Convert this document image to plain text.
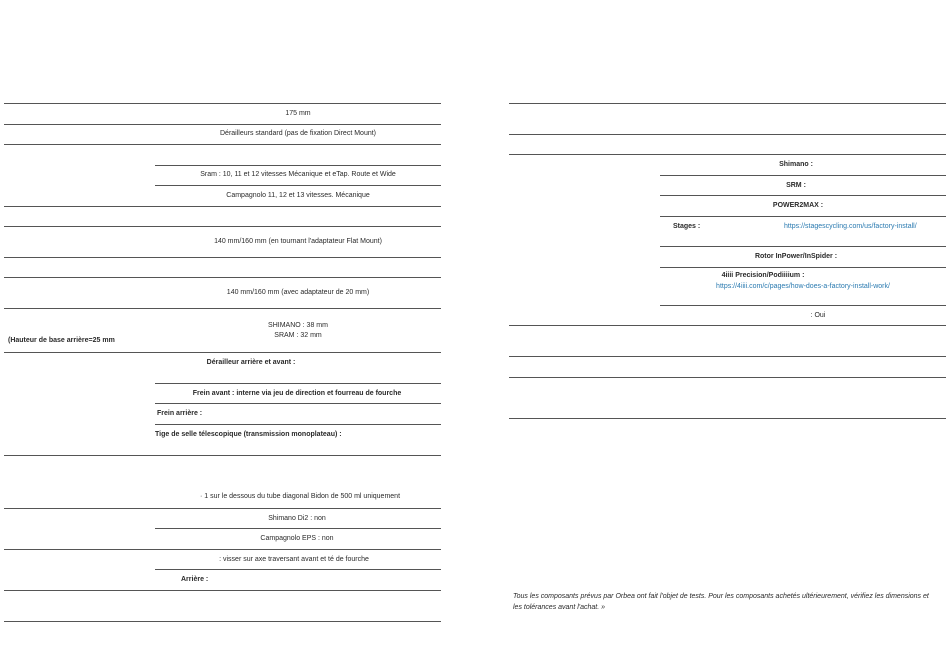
175 mm
Dérailleurs standard (pas de fixation Direct Mount)
Sram : 10, 11 et 12 vitesses Mécanique et eTap. Route et Wide
Campagnolo 11, 12 et 13 vitesses. Mécanique
140 mm/160 mm (en tournant l'adaptateur Flat Mount)
140 mm/160 mm (avec adaptateur de 20 mm)
SHIMANO : 38 mm
SRAM : 32 mm
(Hauteur de base arrière=25 mm
Dérailleur arrière et avant :
Frein avant : interne via jeu de direction et fourreau de fourche
Frein arrière :
Tige de selle télescopique (transmission monoplateau) :
· 1 sur le dessous du tube diagonal Bidon de 500 ml uniquement
Shimano Di2 : non
Campagnolo EPS : non
: visser sur axe traversant avant et té de fourche
Arrière :
Shimano :
SRM :
POWER2MAX :
Stages :	https://stagescycling.com/us/factory-install/
Rotor InPower/InSpider :
4iiii Precision/Podiiiium :
https://4iiii.com/c/pages/how-does-a-factory-install-work/
: Oui
Tous les composants prévus par Orbea ont fait l'objet de tests. Pour les composants achetés ultérieurement, vérifiez les dimensions et les tolérances avant l'achat. »
